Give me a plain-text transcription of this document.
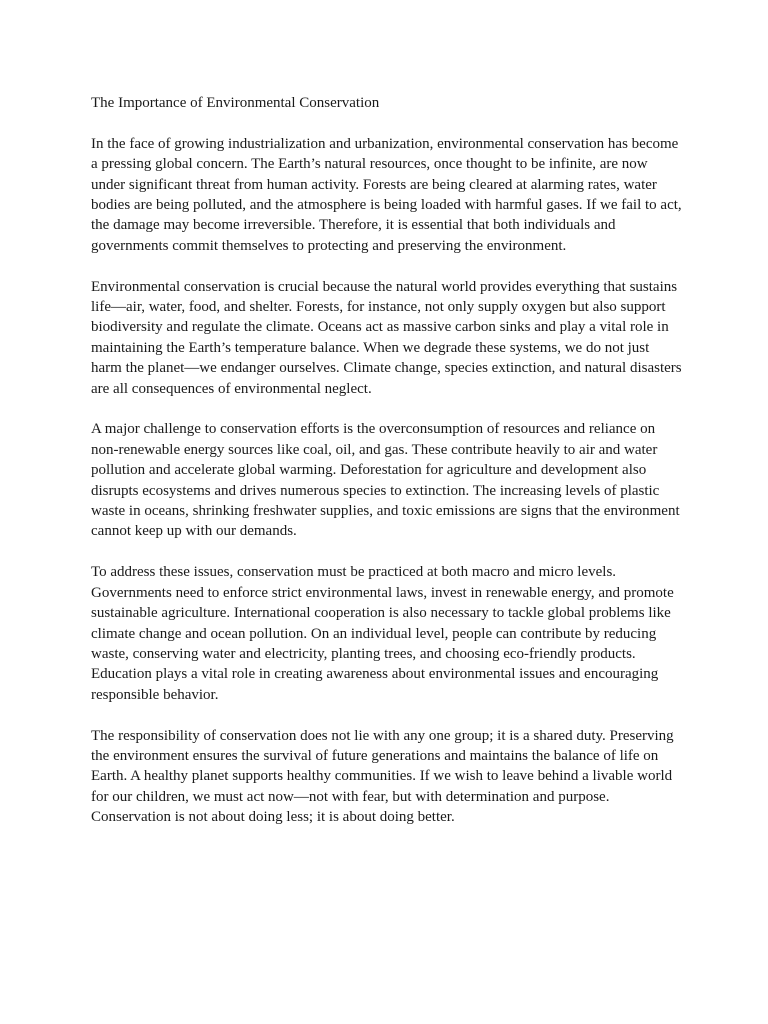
The Importance of Environmental Conservation

In the face of growing industrialization and urbanization, environmental conservation has become a pressing global concern. The Earth’s natural resources, once thought to be infinite, are now under significant threat from human activity. Forests are being cleared at alarming rates, water bodies are being polluted, and the atmosphere is being loaded with harmful gases. If we fail to act, the damage may become irreversible. Therefore, it is essential that both individuals and governments commit themselves to protecting and preserving the environment.

Environmental conservation is crucial because the natural world provides everything that sustains life—air, water, food, and shelter. Forests, for instance, not only supply oxygen but also support biodiversity and regulate the climate. Oceans act as massive carbon sinks and play a vital role in maintaining the Earth’s temperature balance. When we degrade these systems, we do not just harm the planet—we endanger ourselves. Climate change, species extinction, and natural disasters are all consequences of environmental neglect.

A major challenge to conservation efforts is the overconsumption of resources and reliance on non-renewable energy sources like coal, oil, and gas. These contribute heavily to air and water pollution and accelerate global warming. Deforestation for agriculture and development also disrupts ecosystems and drives numerous species to extinction. The increasing levels of plastic waste in oceans, shrinking freshwater supplies, and toxic emissions are signs that the environment cannot keep up with our demands.

To address these issues, conservation must be practiced at both macro and micro levels. Governments need to enforce strict environmental laws, invest in renewable energy, and promote sustainable agriculture. International cooperation is also necessary to tackle global problems like climate change and ocean pollution. On an individual level, people can contribute by reducing waste, conserving water and electricity, planting trees, and choosing eco-friendly products. Education plays a vital role in creating awareness about environmental issues and encouraging responsible behavior.

The responsibility of conservation does not lie with any one group; it is a shared duty. Preserving the environment ensures the survival of future generations and maintains the balance of life on Earth. A healthy planet supports healthy communities. If we wish to leave behind a livable world for our children, we must act now—not with fear, but with determination and purpose. Conservation is not about doing less; it is about doing better.
